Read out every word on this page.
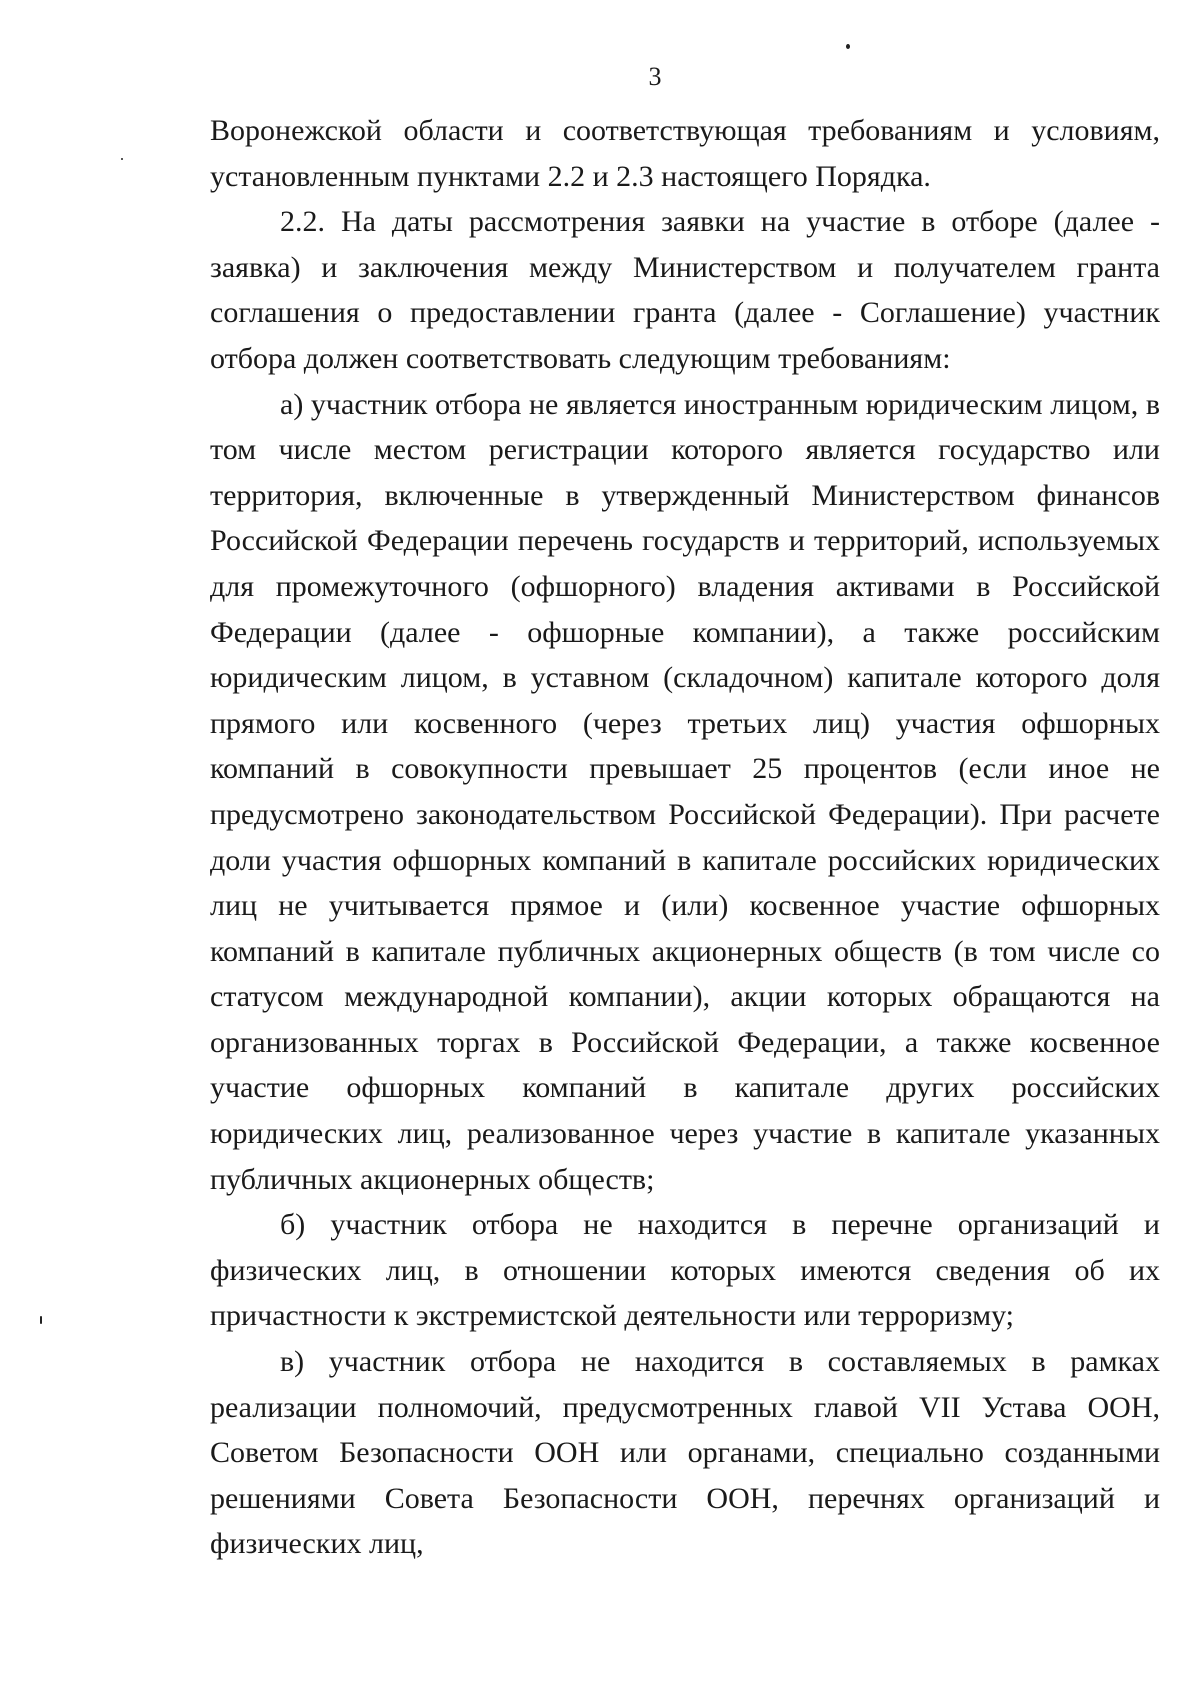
3

Воронежской области и соответствующая требованиям и условиям, установленным пунктами 2.2 и 2.3 настоящего Порядка.

2.2. На даты рассмотрения заявки на участие в отборе (далее - заявка) и заключения между Министерством и получателем гранта соглашения о предоставлении гранта (далее - Соглашение) участник отбора должен соответствовать следующим требованиям:

а) участник отбора не является иностранным юридическим лицом, в том числе местом регистрации которого является государство или территория, включенные в утвержденный Министерством финансов Российской Федерации перечень государств и территорий, используемых для промежуточного (офшорного) владения активами в Российской Федерации (далее - офшорные компании), а также российским юридическим лицом, в уставном (складочном) капитале которого доля прямого или косвенного (через третьих лиц) участия офшорных компаний в совокупности превышает 25 процентов (если иное не предусмотрено законодательством Российской Федерации). При расчете доли участия офшорных компаний в капитале российских юридических лиц не учитывается прямое и (или) косвенное участие офшорных компаний в капитале публичных акционерных обществ (в том числе со статусом международной компании), акции которых обращаются на организованных торгах в Российской Федерации, а также косвенное участие офшорных компаний в капитале других российских юридических лиц, реализованное через участие в капитале указанных публичных акционерных обществ;

б) участник отбора не находится в перечне организаций и физических лиц, в отношении которых имеются сведения об их причастности к экстремистской деятельности или терроризму;

в) участник отбора не находится в составляемых в рамках реализации полномочий, предусмотренных главой VII Устава ООН, Советом Безопасности ООН или органами, специально созданными решениями Совета Безопасности ООН, перечнях организаций и физических лиц,
